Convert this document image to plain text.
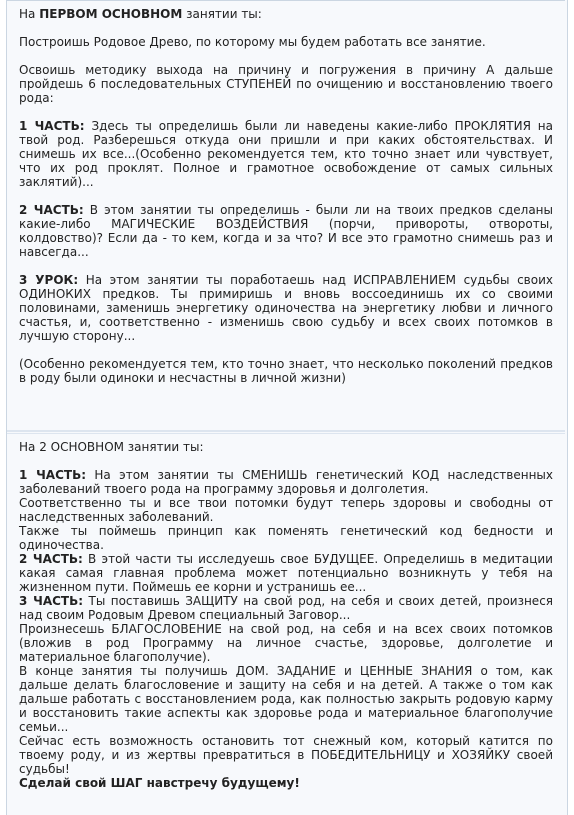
На ПЕРВОМ ОСНОВНОМ занятии ты:

Построишь Родовое Древо, по которому мы будем работать все занятие.

Освоишь методику выхода на причину и погружения в причину А дальше пройдешь 6 последовательных СТУПЕНЕЙ по очищению и восстановлению твоего рода:

1 ЧАСТЬ: Здесь ты определишь были ли наведены какие-либо ПРОКЛЯТИЯ на твой род. Разберешься откуда они пришли и при каких обстоятельствах. И снимешь их все...(Особенно рекомендуется тем, кто точно знает или чувствует, что их род проклят. Полное и грамотное освобождение от самых сильных заклятий)...

2 ЧАСТЬ: В этом занятии ты определишь - были ли на твоих предков сделаны какие-либо МАГИЧЕСКИЕ ВОЗДЕЙСТВИЯ (порчи, привороты, отвороты, колдовство)? Если да - то кем, когда и за что? И все это грамотно снимешь раз и навсегда...

3 УРОК: На этом занятии ты поработаешь над ИСПРАВЛЕНИЕМ судьбы своих ОДИНОКИХ предков. Ты примиришь и вновь воссоединишь их со своими половинами, заменишь энергетику одиночества на энергетику любви и личного счастья, и, соответственно - изменишь свою судьбу и всех своих потомков в лучшую сторону...

(Особенно рекомендуется тем, кто точно знает, что несколько поколений предков в роду были одиноки и несчастны в личной жизни)

На 2 ОСНОВНОМ занятии ты:

1 ЧАСТЬ: На этом занятии ты СМЕНИШЬ генетический КОД наследственных заболеваний твоего рода на программу здоровья и долголетия.

Соответственно ты и все твои потомки будут теперь здоровы и свободны от наследственных заболеваний.

Также ты поймешь принцип как поменять генетический код бедности и одиночества.

2 ЧАСТЬ: В этой части ты исследуешь свое БУДУЩЕЕ. Определишь в медитации какая самая главная проблема может потенциально возникнуть у тебя на жизненном пути. Поймешь ее корни и устранишь ее...

3 ЧАСТЬ: Ты поставишь ЗАЩИТУ на свой род, на себя и своих детей, произнеся над своим Родовым Древом специальный Заговор...

Произнесешь БЛАГОСЛОВЕНИЕ на свой род, на себя и на всех своих потомков (вложив в род Программу на личное счастье, здоровье, долголетие и материальное благополучие).

В конце занятия ты получишь ДОМ. ЗАДАНИЕ и ЦЕННЫЕ ЗНАНИЯ о том, как дальше делать благословение и защиту на себя и на детей. А также о том как дальше работать с восстановлением рода, как полностью закрыть родовую карму и восстановить такие аспекты как здоровье рода и материальное благополучие семьи...

Сейчас есть возможность остановить тот снежный ком, который катится по твоему роду, и из жертвы превратиться в ПОБЕДИТЕЛЬНИЦУ и ХОЗЯЙКУ своей судьбы!

Сделай свой ШАГ навстречу будущему!
